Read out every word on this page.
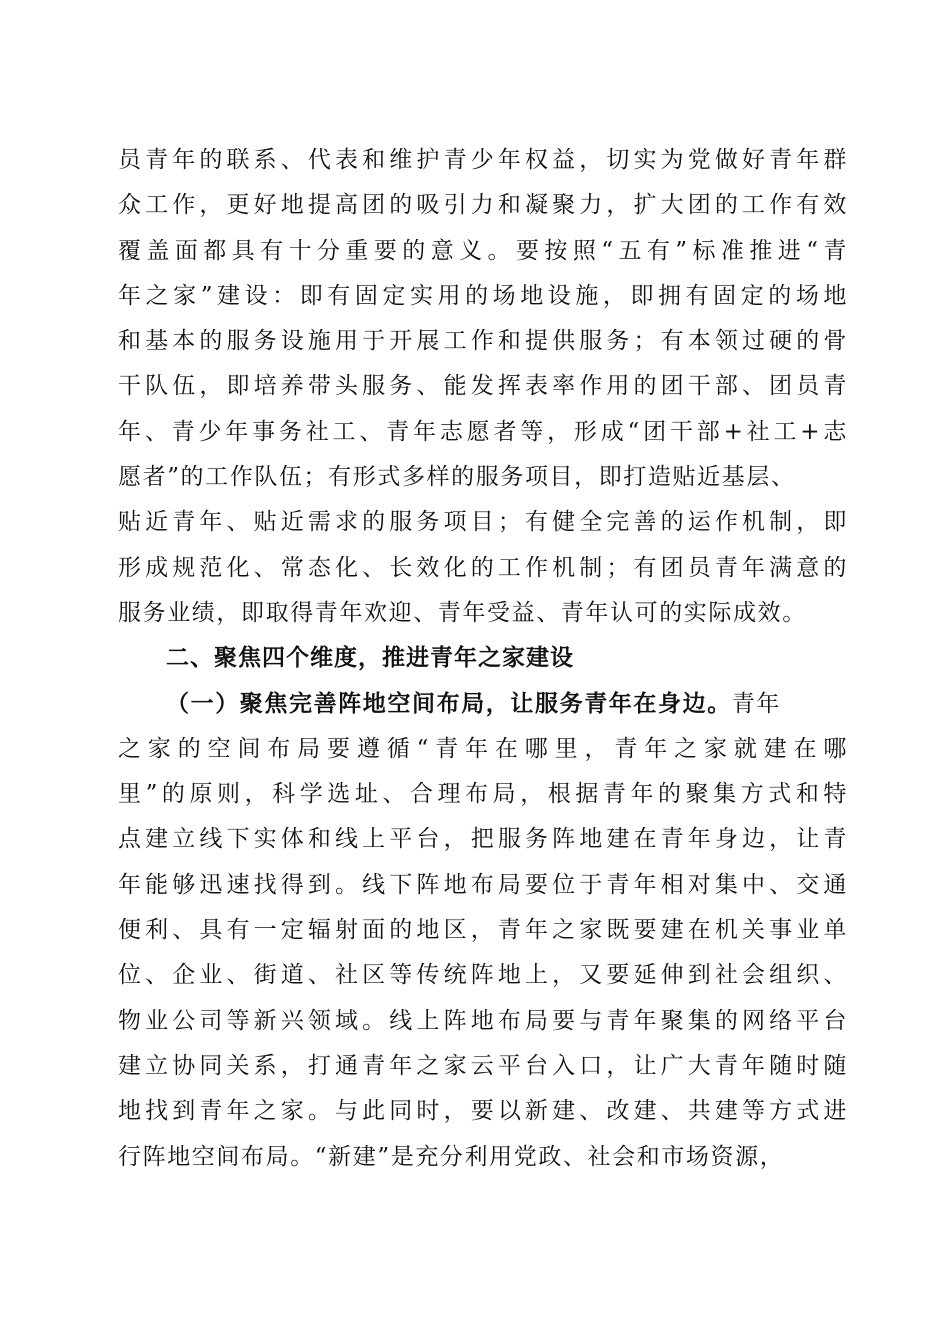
员青年的联系、代表和维护青少年权益，切实为党做好青年群
众工作，更好地提高团的吸引力和凝聚力，扩大团的工作有效
覆盖面都具有十分重要的意义。要按照“五有”标准推进“青
年之家”建设：即有固定实用的场地设施，即拥有固定的场地
和基本的服务设施用于开展工作和提供服务；有本领过硬的骨
干队伍，即培养带头服务、能发挥表率作用的团干部、团员青
年、青少年事务社工、青年志愿者等，形成“团干部+社工+志
愿者”的工作队伍；有形式多样的服务项目，即打造贴近基层、
贴近青年、贴近需求的服务项目；有健全完善的运作机制，即
形成规范化、常态化、长效化的工作机制；有团员青年满意的
服务业绩，即取得青年欢迎、青年受益、青年认可的实际成效。
二、聚焦四个维度，推进青年之家建设
（一）聚焦完善阵地空间布局，让服务青年在身边。青年
之家的空间布局要遵循“青年在哪里，青年之家就建在哪
里”的原则，科学选址、合理布局，根据青年的聚集方式和特
点建立线下实体和线上平台，把服务阵地建在青年身边，让青
年能够迅速找得到。线下阵地布局要位于青年相对集中、交通
便利、具有一定辐射面的地区，青年之家既要建在机关事业单
位、企业、街道、社区等传统阵地上，又要延伸到社会组织、
物业公司等新兴领域。线上阵地布局要与青年聚集的网络平台
建立协同关系，打通青年之家云平台入口，让广大青年随时随
地找到青年之家。与此同时，要以新建、改建、共建等方式进
行阵地空间布局。“新建”是充分利用党政、社会和市场资源，
